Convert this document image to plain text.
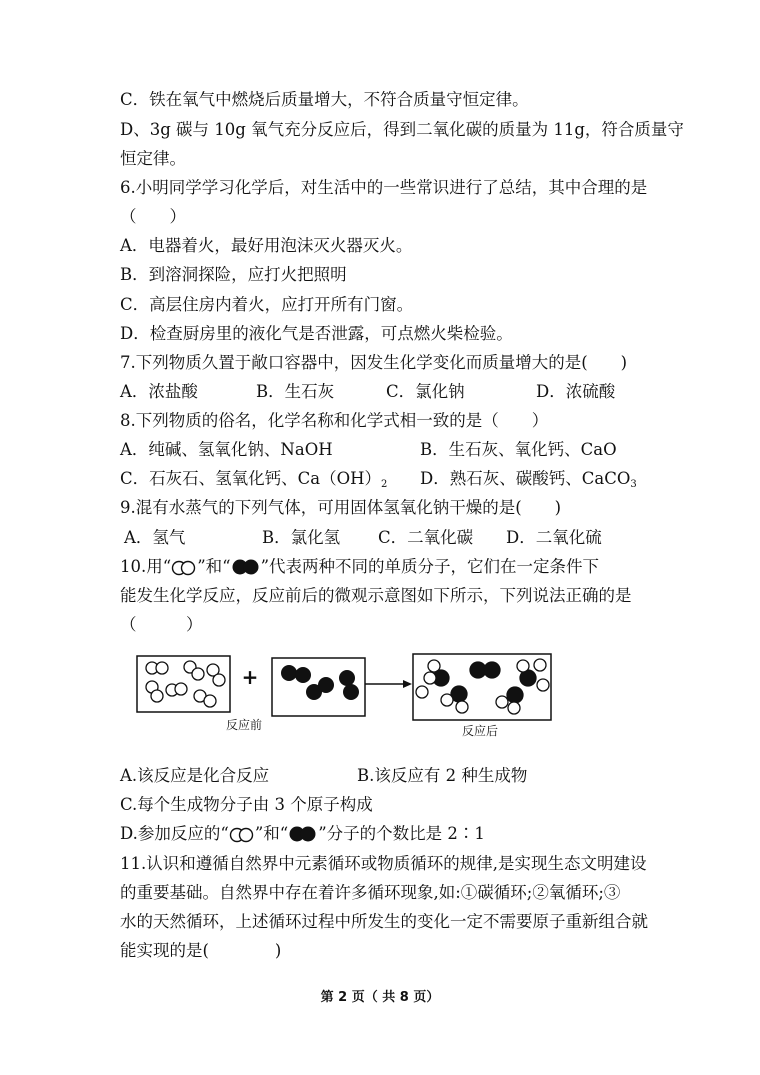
C．铁在氧气中燃烧后质量增大，不符合质量守恒定律。
D、3g 碳与 10g 氧气充分反应后，得到二氧化碳的质量为 11g，符合质量守
恒定律。
6.小明同学学习化学后，对生活中的一些常识进行了总结，其中合理的是
（　　）
A．电器着火，最好用泡沫灭火器灭火。
B．到溶洞探险，应打火把照明
C．高层住房内着火，应打开所有门窗。
D．检查厨房里的液化气是否泄露，可点燃火柴检验。
7.下列物质久置于敞口容器中，因发生化学变化而质量增大的是(　　)
A．浓盐酸	B．生石灰	C．氯化钠	D．浓硫酸
8.下列物质的俗名，化学名称和化学式相一致的是（　　）
A．纯碱、氢氧化钠、NaOH	B．生石灰、氧化钙、CaO
C．石灰石、氢氧化钙、$Ca(OH)_2$ D．熟石灰、碳酸钙、CaCO$_3$
9.混有水蒸气的下列气体，可用固体氢氧化钠干燥的是(　　)
A．氢气	B．氯化氢 C．二氧化碳 D．二氧化硫
10.用“ ”和“ ”代表两种不同的单质分子，它们在一定条件下
能发生化学反应，反应前后的微观示意图如下所示，下列说法正确的是
（　　　）
+
反应前	反应后
A.该反应是化合反应	B.该反应有 2 种生成物
C.每个生成物分子由 3 个原子构成
D.参加反应的“ ”和“ ”分子的个数比是 2∶1
11.认识和遵循自然界中元素循环或物质循环的规律,是实现生态文明建设
的重要基础。自然界中存在着许多循环现象,如:①碳循环;②氧循环;③
水的天然循环，上述循环过程中所发生的变化一定不需要原子重新组合就
能实现的是(　　　　)
第 2 页（ 共 8 页）
